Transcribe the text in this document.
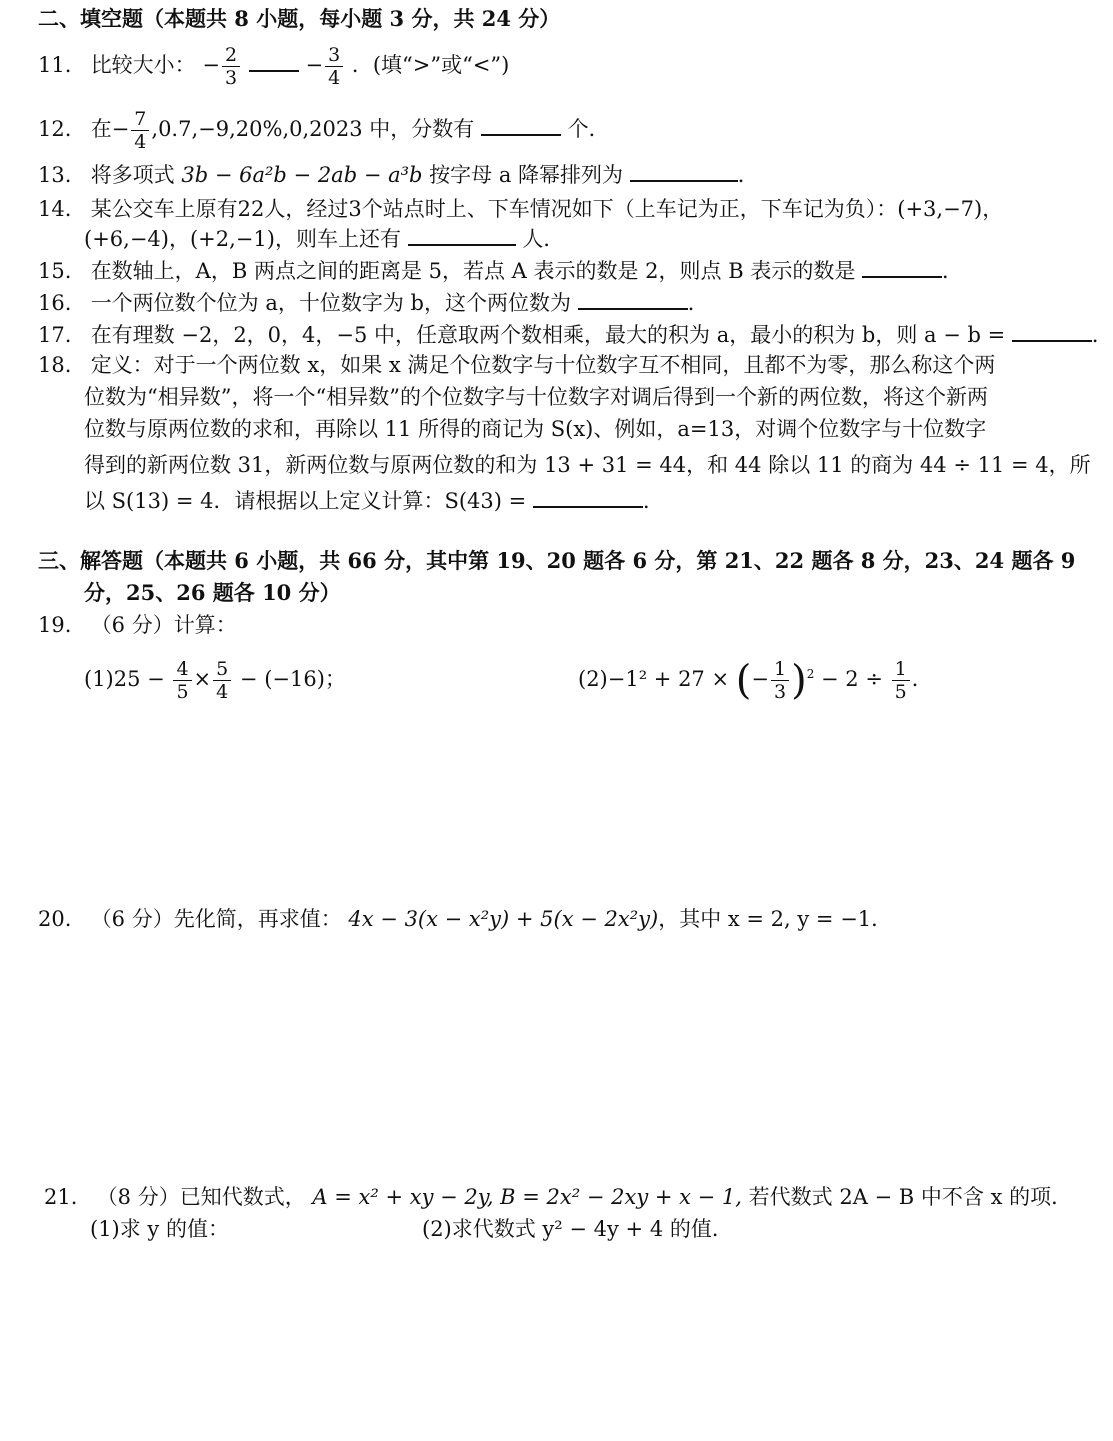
二、填空题（本题共 8 小题，每小题 3 分，共 24 分）
11. 比较大小： − $\frac{2}{3}$	− $\frac{3}{4}$ ．(填“>”或“<”)
12. 在− $\frac{7}{4} ,0.7,-9,20\%,0,2023$ 中，分数有	个．
13. 将多项式 3b − 6a²b − 2ab − a³b 按字母 a 降幂排列为	．
14. 某公交车上原有22人，经过3个站点时上、下车情况如下（上车记为正，下车记为负）：(+3,−7)，
(+6,−4)，(+2,−1)，则车上还有	人．
15. 在数轴上，A，B 两点之间的距离是 5，若点 A 表示的数是 2，则点 B 表示的数是	．
16. 一个两位数个位为 a，十位数字为 b，这个两位数为	．
17. 在有理数 −2，2，0，4，−5 中，任意取两个数相乘，最大的积为 a，最小的积为 b，则 a − b =	．
18. 定义：对于一个两位数 x，如果 x 满足个位数字与十位数字互不相同，且都不为零，那么称这个两
位数为“相异数”，将一个“相异数”的个位数字与十位数字对调后得到一个新的两位数，将这个新两
位数与原两位数的求和，再除以 11 所得的商记为 S(x)、例如，a=13，对调个位数字与十位数字
得到的新两位数 31，新两位数与原两位数的和为 13 + 31 = 44，和 44 除以 11 的商为 44 ÷ 11 = 4，所
以 S(13) = 4．请根据以上定义计算：S(43) =	．
三、解答题（本题共 6 小题，共 66 分，其中第 19、20 题各 6 分，第 21、22 题各 8 分，23、24 题各 9
分，25、26 题各 10 分）
19. （6 分）计算：
$(1)25 - \frac{4}{5} \times \frac{5}{4} - (-16)$；	(2)−1² + 27 × (− $\frac{1}{3} )^2 - 2 \div \frac{1}{5}$ ．
20. （6 分）先化简，再求值： 4x − 3(x − x²y) + 5(x − 2x²y)，其中 x = 2, y = −1．
21. （8 分）已知代数式， A = x² + xy − 2y, B = 2x² − 2xy + x − 1, 若代数式 2A − B 中不含 x 的项．
(1)求 y 的值：	(2)求代数式 y² − 4y + 4 的值．
